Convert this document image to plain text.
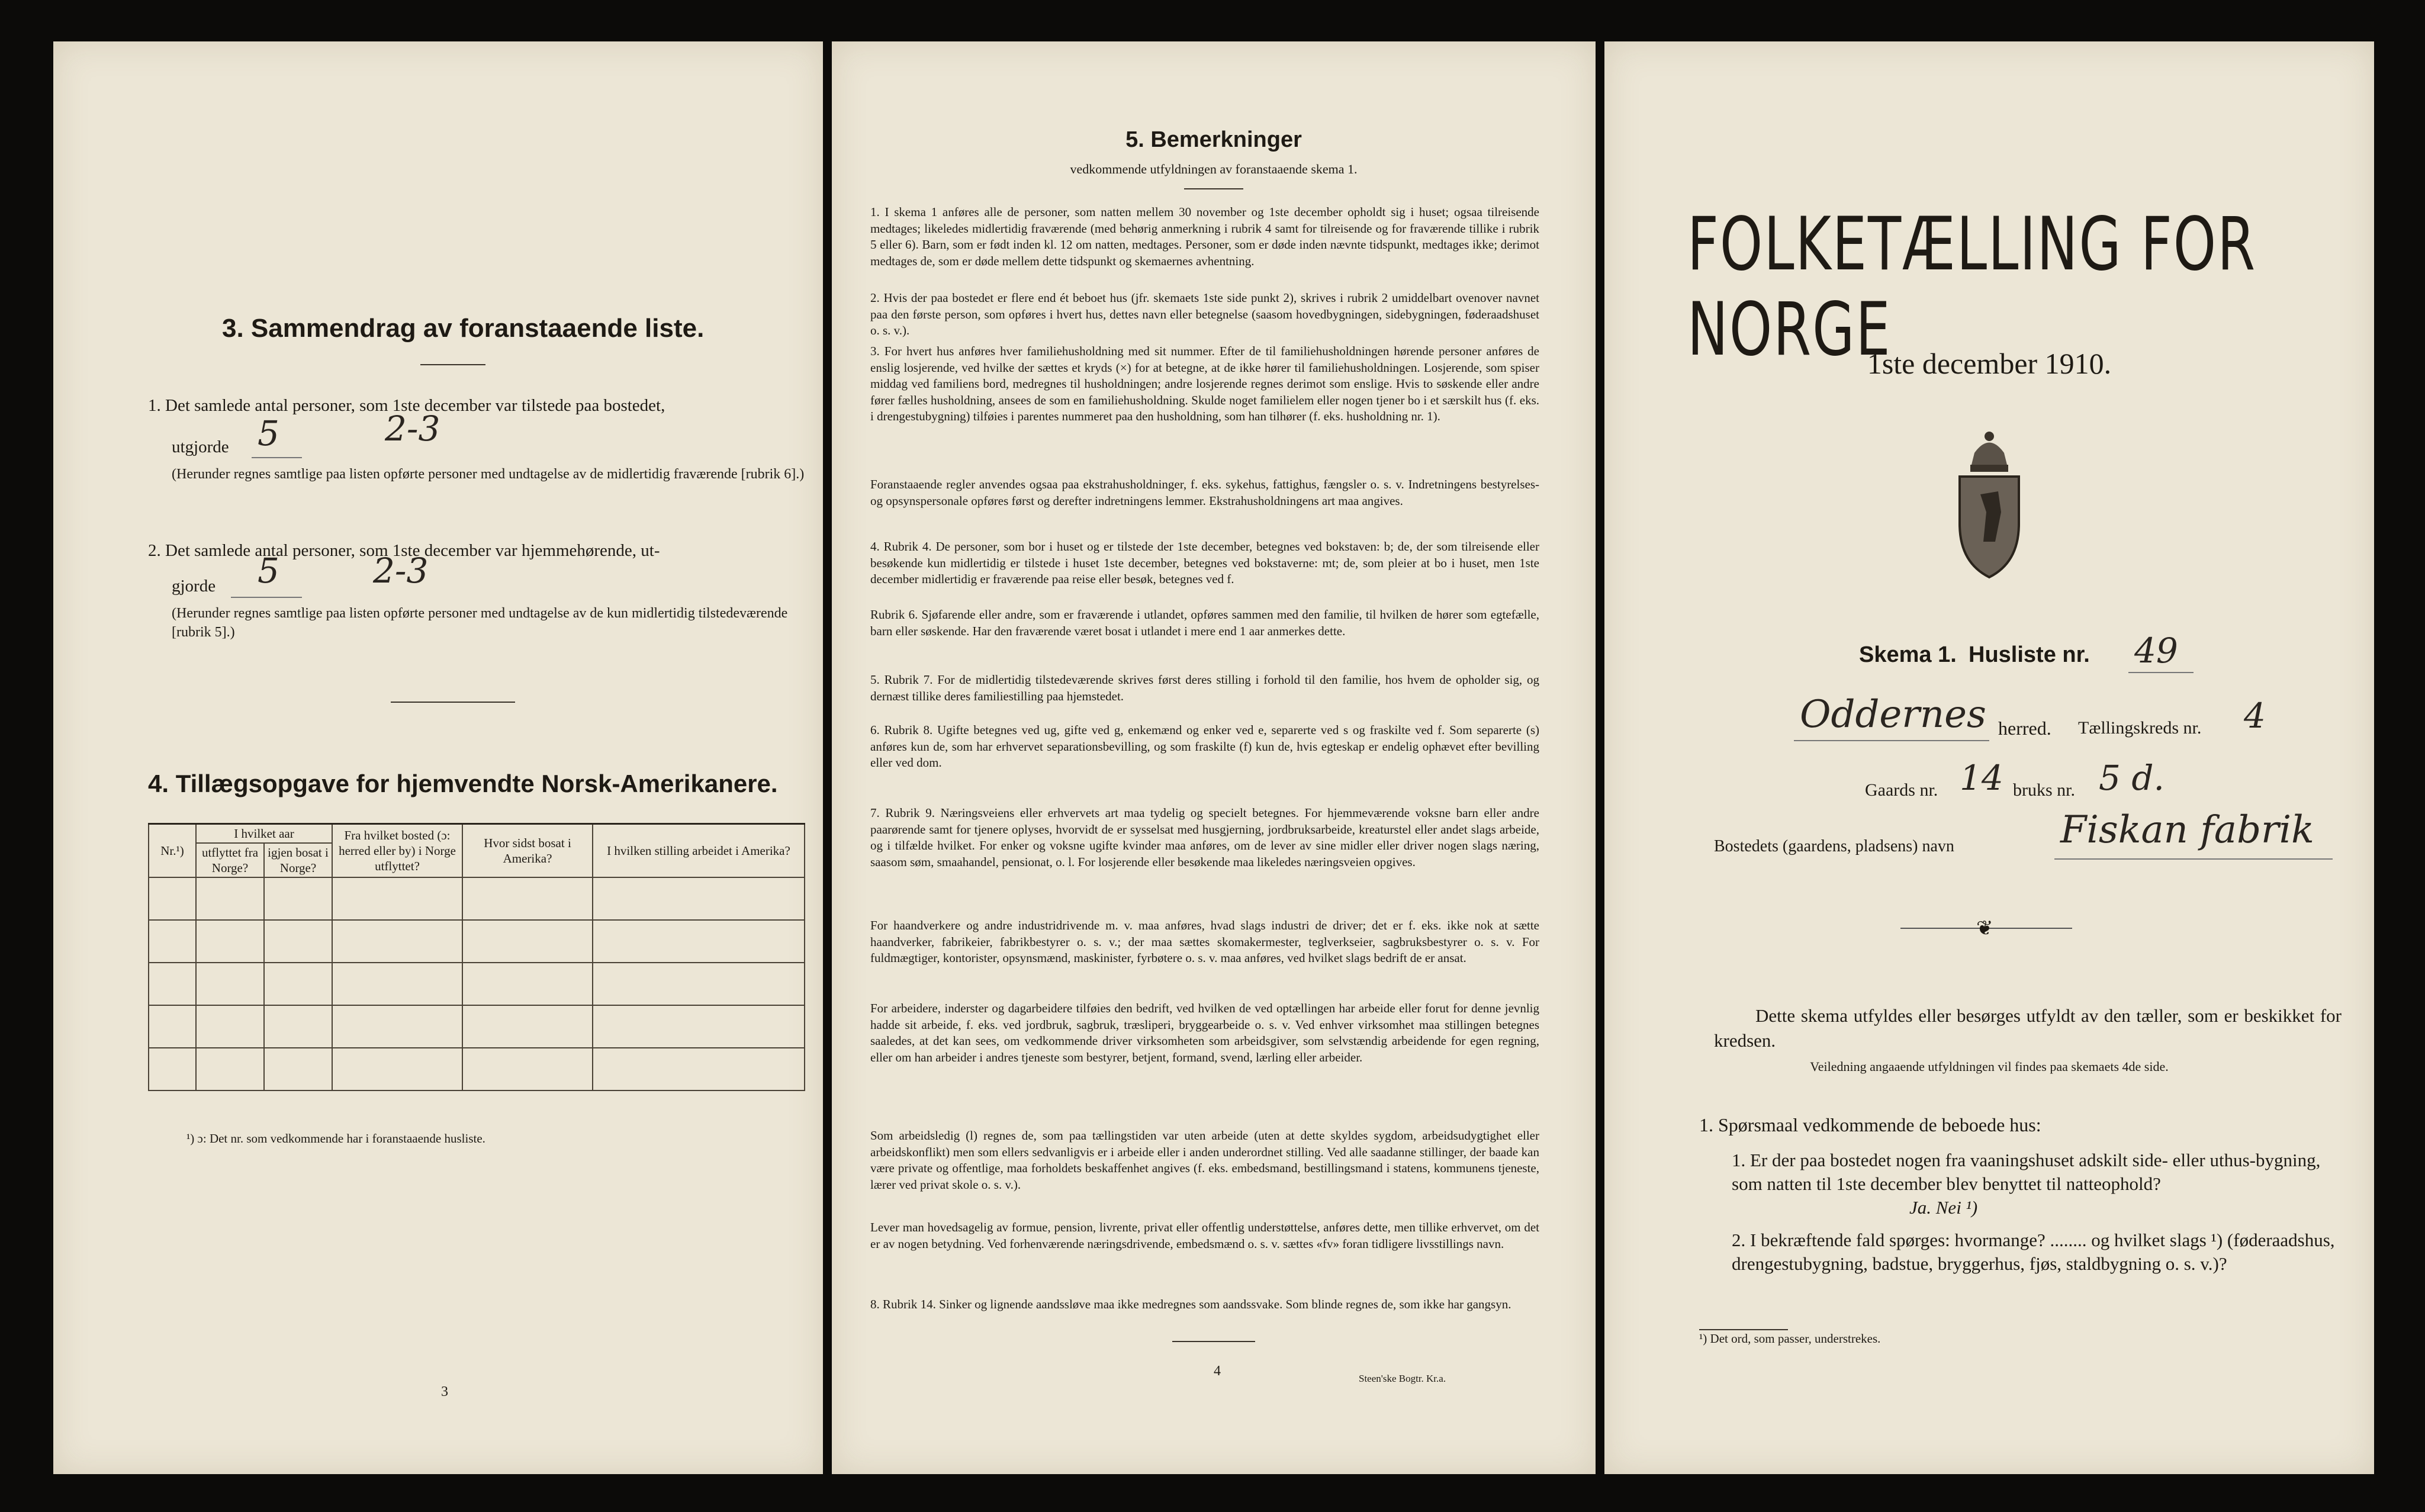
3. Sammendrag av foranstaaende liste.
1. Det samlede antal personer, som 1ste december var tilstede paa bostedet,
utgjorde 5	2-3
(Herunder regnes samtlige paa listen opførte personer med undtagelse av de midlertidig fraværende [rubrik 6].)
2. Det samlede antal personer, som 1ste december var hjemmehørende, ut-
gjorde 5	2-3
(Herunder regnes samtlige paa listen opførte personer med undtagelse av de kun midlertidig tilstedeværende [rubrik 5].)
4. Tillægsopgave for hjemvendte Norsk-Amerikanere.
Nr.¹)	I hvilket aar		Fra hvilket bosted (ɔ: herred eller by) i Norge utflyttet?	Hvor sidst bosat i Amerika?	I hvilken stilling arbeidet i Amerika?
	utflyttet fra Norge?	igjen bosat i Norge?			

¹) ɔ: Det nr. som vedkommende har i foranstaaende husliste.
3
5. Bemerkninger
vedkommende utfyldningen av foranstaaende skema 1.
1. I skema 1 anføres alle de personer, som natten mellem 30 november og 1ste december opholdt sig i huset; ogsaa tilreisende medtages; likeledes midlertidig fraværende (med behørig anmerkning i rubrik 4 samt for tilreisende og for fraværende tillike i rubrik 5 eller 6). Barn, som er født inden kl. 12 om natten, medtages. Personer, som er døde inden nævnte tidspunkt, medtages ikke; derimot medtages de, som er døde mellem dette tidspunkt og skemaernes avhentning.
2. Hvis der paa bostedet er flere end ét beboet hus (jfr. skemaets 1ste side punkt 2), skrives i rubrik 2 umiddelbart ovenover navnet paa den første person, som opføres i hvert hus, dettes navn eller betegnelse (saasom hovedbygningen, sidebygningen, føderaadshuset o. s. v.).
3. For hvert hus anføres hver familiehusholdning med sit nummer. Efter de til familiehusholdningen hørende personer anføres de enslig losjerende, ved hvilke der sættes et kryds (×) for at betegne, at de ikke hører til familiehusholdningen. Losjerende, som spiser middag ved familiens bord, medregnes til husholdningen; andre losjerende regnes derimot som enslige. Hvis to søskende eller andre fører fælles husholdning, ansees de som en familiehusholdning. Skulde noget familielem eller nogen tjener bo i et særskilt hus (f. eks. i drengestubygning) tilføies i parentes nummeret paa den husholdning, som han tilhører (f. eks. husholdning nr. 1).
Foranstaaende regler anvendes ogsaa paa ekstrahusholdninger, f. eks. sykehus, fattighus, fængsler o. s. v. Indretningens bestyrelses- og opsynspersonale opføres først og derefter indretningens lemmer. Ekstrahusholdningens art maa angives.
4. Rubrik 4. De personer, som bor i huset og er tilstede der 1ste december, betegnes ved bokstaven: b; de, der som tilreisende eller besøkende kun midlertidig er tilstede i huset 1ste december, betegnes ved bokstaverne: mt; de, som pleier at bo i huset, men 1ste december midlertidig er fraværende paa reise eller besøk, betegnes ved f.
Rubrik 6. Sjøfarende eller andre, som er fraværende i utlandet, opføres sammen med den familie, til hvilken de hører som egtefælle, barn eller søskende. Har den fraværende været bosat i utlandet i mere end 1 aar anmerkes dette.
5. Rubrik 7. For de midlertidig tilstedeværende skrives først deres stilling i forhold til den familie, hos hvem de opholder sig, og dernæst tillike deres familiestilling paa hjemstedet.
6. Rubrik 8. Ugifte betegnes ved ug, gifte ved g, enkemænd og enker ved e, separerte ved s og fraskilte ved f. Som separerte (s) anføres kun de, som har erhvervet separationsbevilling, og som fraskilte (f) kun de, hvis egteskap er endelig ophævet efter bevilling eller ved dom.
7. Rubrik 9. Næringsveiens eller erhvervets art maa tydelig og specielt betegnes. For hjemmeværende voksne barn eller andre paarørende samt for tjenere oplyses, hvorvidt de er sysselsat med husgjerning, jordbruksarbeide, kreaturstel eller andet slags arbeide, og i tilfælde hvilket. For enker og voksne ugifte kvinder maa anføres, om de lever av sine midler eller driver nogen slags næring, saasom søm, smaahandel, pensionat, o. l. For losjerende eller besøkende maa likeledes næringsveien opgives.
For haandverkere og andre industridrivende m. v. maa anføres, hvad slags industri de driver; det er f. eks. ikke nok at sætte haandverker, fabrikeier, fabrikbestyrer o. s. v.; der maa sættes skomakermester, teglverkseier, sagbruksbestyrer o. s. v. For fuldmægtiger, kontorister, opsynsmænd, maskinister, fyrbøtere o. s. v. maa anføres, ved hvilket slags bedrift de er ansat.
For arbeidere, inderster og dagarbeidere tilføies den bedrift, ved hvilken de ved optællingen har arbeide eller forut for denne jevnlig hadde sit arbeide, f. eks. ved jordbruk, sagbruk, træsliperi, bryggearbeide o. s. v. Ved enhver virksomhet maa stillingen betegnes saaledes, at det kan sees, om vedkommende driver virksomheten som arbeidsgiver, som selvstændig arbeidende for egen regning, eller om han arbeider i andres tjeneste som bestyrer, betjent, formand, svend, lærling eller arbeider.
Som arbeidsledig (l) regnes de, som paa tællingstiden var uten arbeide (uten at dette skyldes sygdom, arbeidsudygtighet eller arbeidskonflikt) men som ellers sedvanligvis er i arbeide eller i anden underordnet stilling. Ved alle saadanne stillinger, der baade kan være private og offentlige, maa forholdets beskaffenhet angives (f. eks. embedsmand, bestillingsmand i statens, kommunens tjeneste, lærer ved privat skole o. s. v.).
Lever man hovedsagelig av formue, pension, livrente, privat eller offentlig understøttelse, anføres dette, men tillike erhvervet, om det er av nogen betydning. Ved forhenværende næringsdrivende, embedsmænd o. s. v. sættes «fv» foran tidligere livsstillings navn.
8. Rubrik 14. Sinker og lignende aandssløve maa ikke medregnes som aandssvake. Som blinde regnes de, som ikke har gangsyn.
4	Steen'ske Bogtr. Kr.a.
FOLKETÆLLING FOR NORGE
1ste december 1910.
Skema 1. Husliste nr. 49
Oddernes herred. Tællingskreds nr. 4
Gaards nr. 14 bruks nr. 5 d.
Bostedets (gaardens, pladsens) navn	Fiskan fabrik
❦
Dette skema utfyldes eller besørges utfyldt av den tæller, som er beskikket for kredsen.
Veiledning angaaende utfyldningen vil findes paa skemaets 4de side.
1. Spørsmaal vedkommende de beboede hus:
1. Er der paa bostedet nogen fra vaaningshuset adskilt side- eller uthus-bygning, som natten til 1ste december blev benyttet til natteophold?
Ja. Nei ¹)
2. I bekræftende fald spørges: hvormange? ........ og hvilket slags ¹) (føderaadshus, drengestubygning, badstue, bryggerhus, fjøs, staldbygning o. s. v.)?
¹) Det ord, som passer, understrekes.
